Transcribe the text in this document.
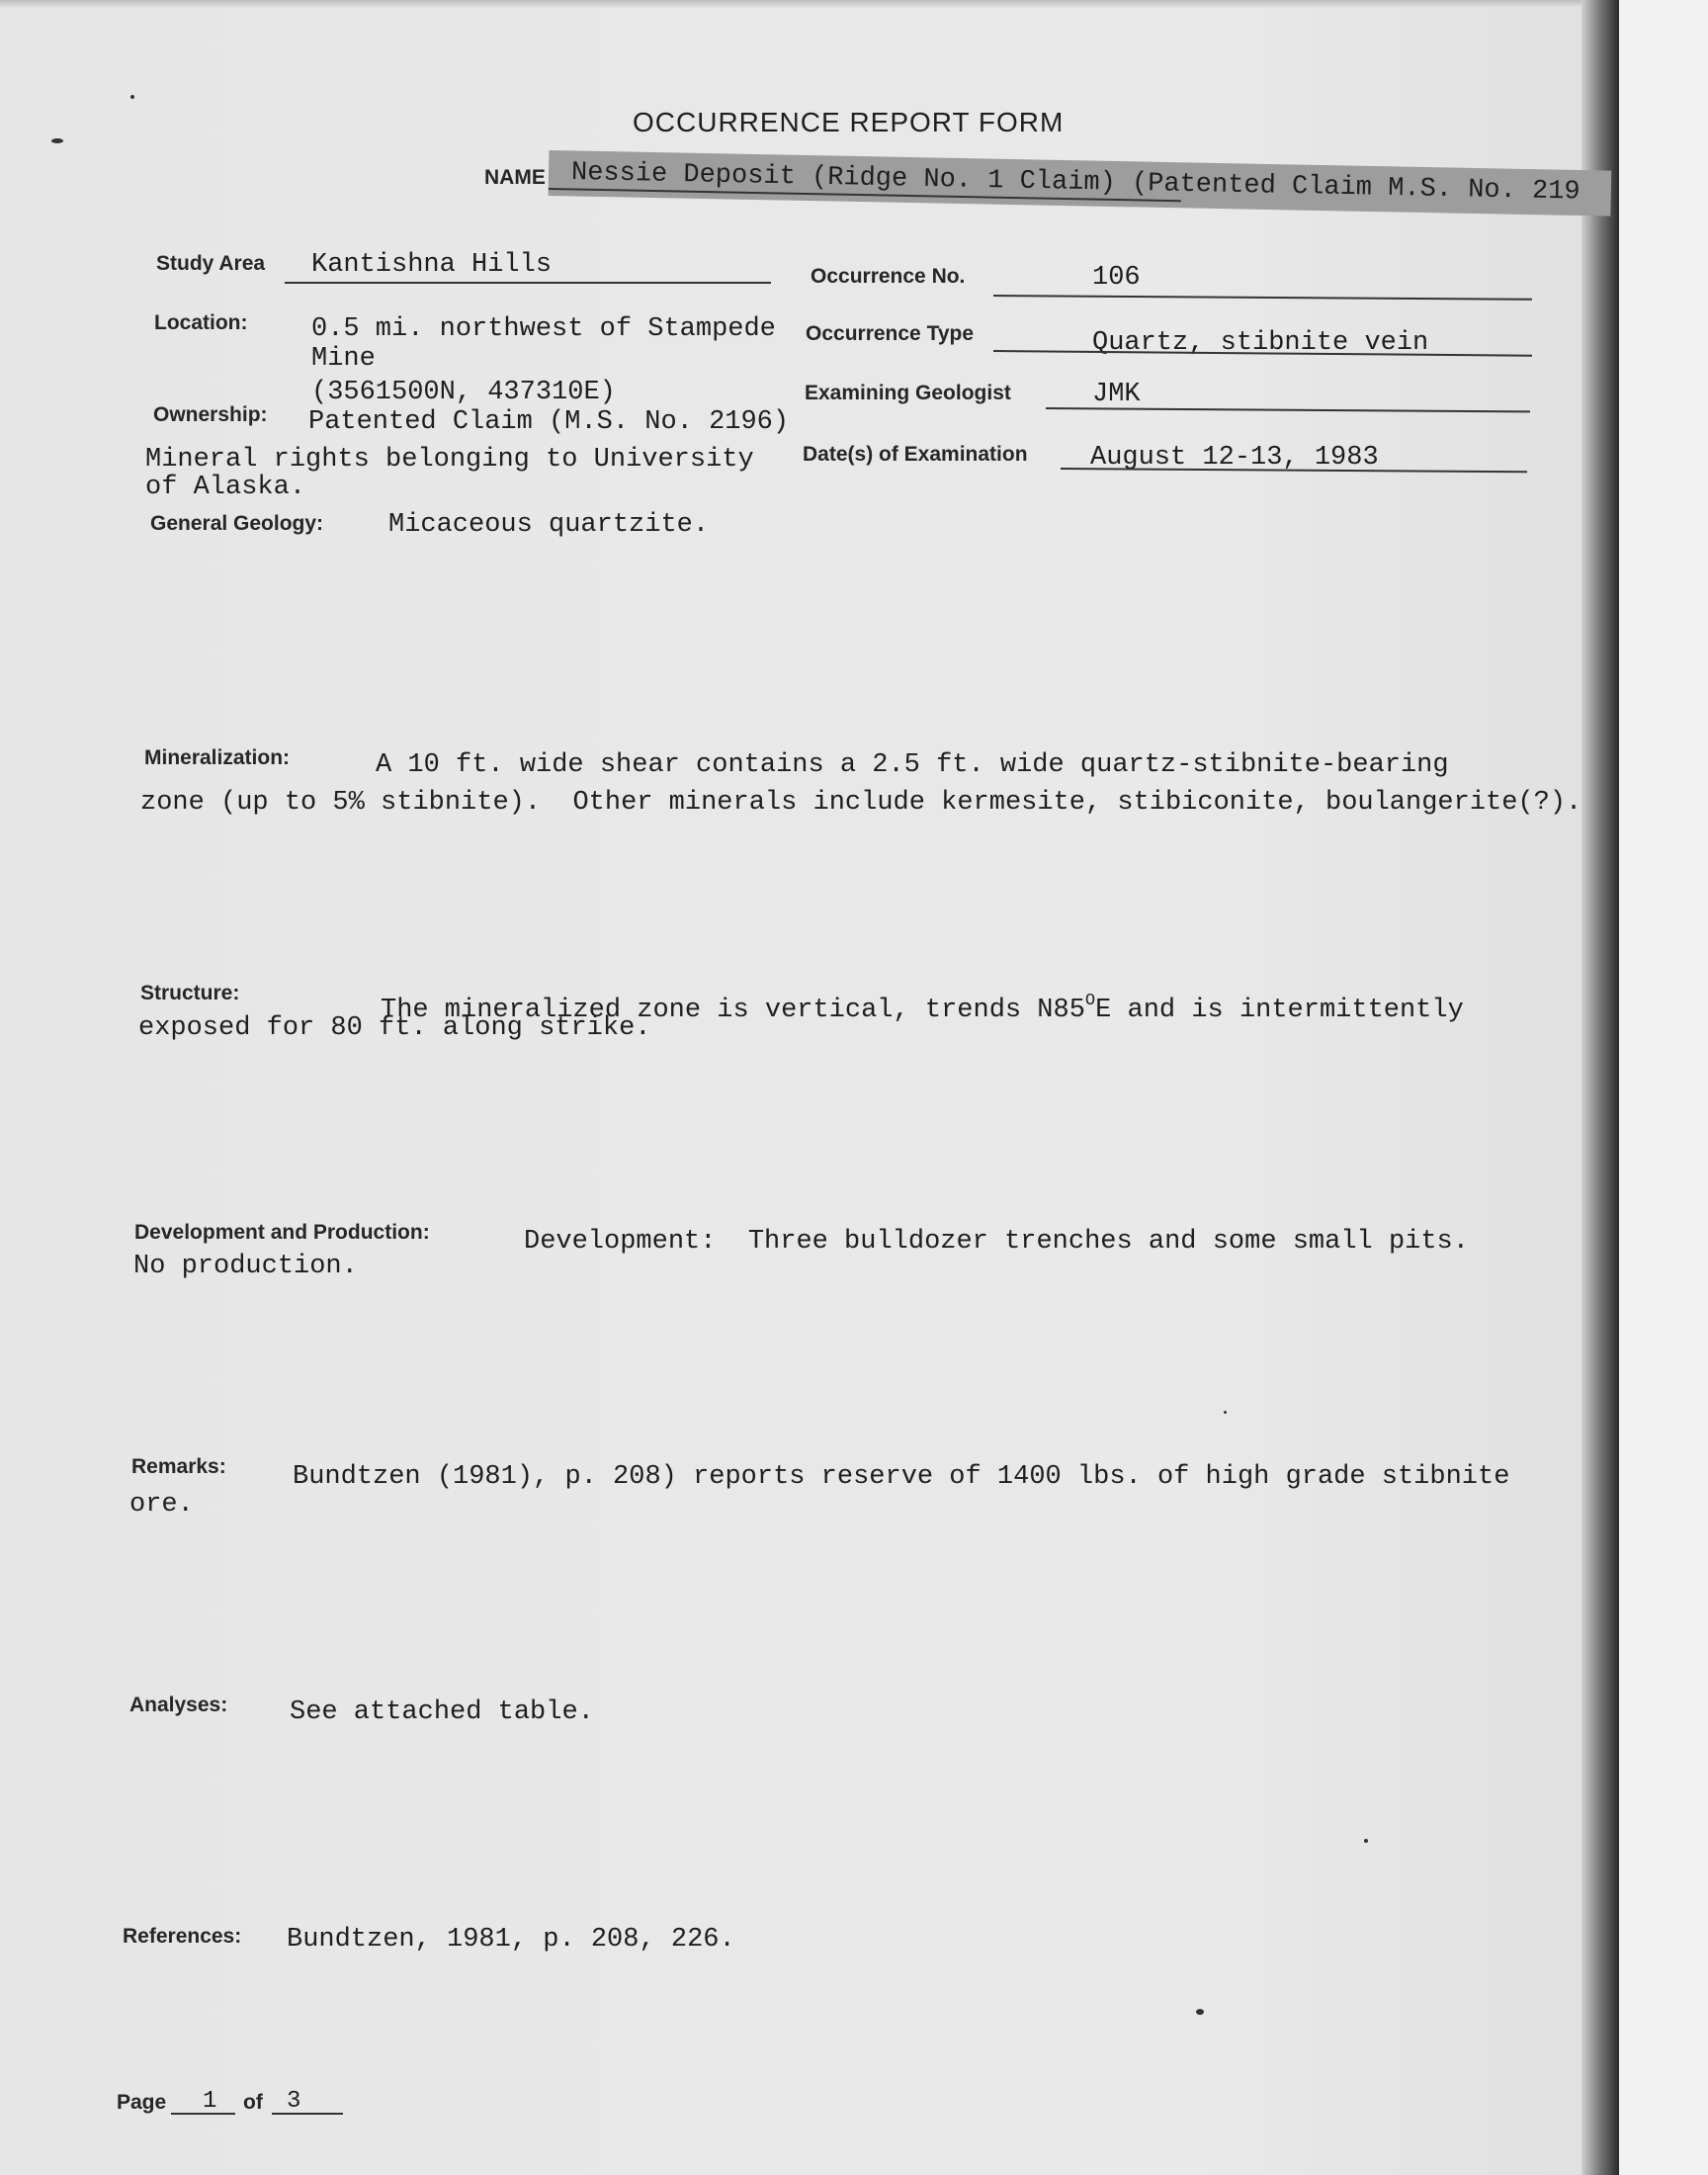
OCCURRENCE REPORT FORM
NAME Nessie Deposit (Ridge No. 1 Claim) (Patented Claim M.S. No. 219
Study Area Kantishna Hills	Occurrence No.	106
Location: 0.5 mi. northwest of Stampede
Mine
(3561500N, 437310E)
Occurrence Type	Quartz, stibnite vein
Examining Geologist	JMK
Ownership: Patented Claim (M.S. No. 2196)
Mineral rights belonging to University
of Alaska.
Date(s) of Examination August 12-13, 1983
General Geology: Micaceous quartzite.
Mineralization:	A 10 ft. wide shear contains a 2.5 ft. wide quartz-stibnite-bearing
zone (up to 5% stibnite).  Other minerals include kermesite, stibiconite, boulangerite(?).
Structure:
The mineralized zone is vertical, trends $N85^OE$ and is intermittently
exposed for 80 ft. along strike.
Development and Production:	Development:  Three bulldozer trenches and some small pits.
No production.
Remarks: Bundtzen (1981), p. 208) reports reserve of 1400 lbs. of high grade stibnite
ore.
Analyses: See attached table.
References: Bundtzen, 1981, p. 208, 226.
Page 1 of 3
